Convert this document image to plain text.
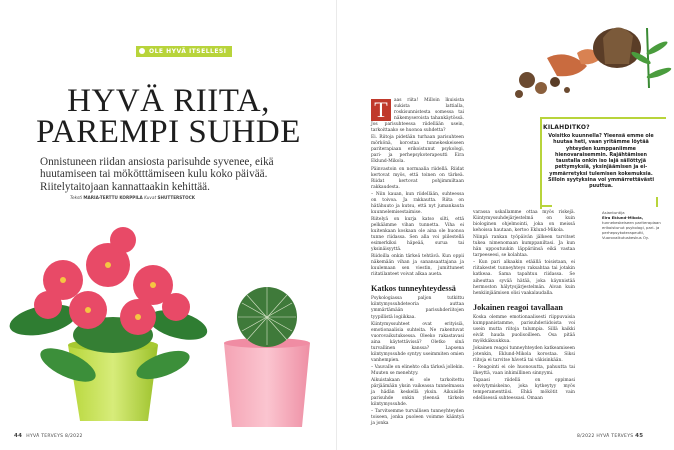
OLE HYVÄ ITSELLESI
HYVÄ RIITA,
PAREMPI SUHDE

Onnistuneen riidan ansiosta parisuhde syvenee, eikä huutamiseen tai mökötttämiseen kulu koko päivää. Riitelytaitojaan kannattaakin kehittää.

Teksti MARIA-TERTTU KORPPILA Kuvat SHUTTERSTOCK
44 HYVÄ TERVEYS 8/2022

T	aas riita! Milloin lkuisista sukista lattialla, roskisunnistesta somessa tai näkemyseroista tahankäytössä. Jos parisuhteessa riidellään usein, tarkoittaako se huonoa suhdetta?

Ei. Riitoja pidetään turhaan parisuhteen mörkönä, korostaa tunnekeskeiseen pariterapiaan erikoistunut psykologi, pari- ja perhepsykoterapeutti Eira Eklund-Mikola.

Päinvastoin on normaalia riidellä. Riidat kertovat myös, että toinen on tärkeä. Riidat kertovat pohjimmiltaan rakkaudesta.

– Niin kauan, kun riidellään, suhteessa on toivoa. Ja rakkautta. Riita on hätähuuto ja kutsu, että nyt jumankauta kuunnelemisestaimise.

Riitelyä on kurja katso silti, että pelkäämme vihan tunnetta. Viha ei kuitenkaan koskaan ole aina ole huonoa tunne riidassa. Sen alla voi piilestellä esimerkiksi häpeää, surua tai yksinäisyyttä.

Riidoilla onkin tärkeä tehtävä. Kun oppii näkemään vihan ja sanansaattajana ja kuulemaan sen viestin, jumittuneet riitatilanteet voivat alkaa aueta.

Katkos tunneyhteydessä

Psykologiassa paljon tutkittu kiintymyssuhdeteoria auttaa ymmärtämään parisuhderiitojen tyypillistä logiikkaa.

Kiintymyssuhteet ovat erityisiä, emotionaalisia suhteita. Ne rakentuvat vuorovaikutuksessa. Oleeko rakastavasi aina käytettävissä? Oletko sinä turvallinen kanssa? Lapsena kiintymyssuhde syntyy useimmiten omien vanhempien.

– Vauvalle on elinehto olla tärkeä jollekin. Muuten se menehtyy.

Aikuistakaan ei ole tarkoitettu pärjäämään yksin vaikeassa tunnelmassa ja hädän keskellä yksin. Aikuisille parisuhde onkin yleensä tärkein kiintymyssuhde.

– Tarvitsemme turvallisen tunneyhteyden toiseen, jonka puoleen voimme kääntyä ja jonka

varassa uskallamme ottaa myös riskejä. Kiintymyssuhdejärjestelmä on kuin biologinen ohjelmointi, joka on meissä kehoissa hautaan, kertoo Eklund-Mikola.

Niinpä rankan työpäivän jälkeen tarvitset tukea nimenomaan kumppaniltasi. Ja kun hän uppoutuukin läppäriinsä eikä vastaa tarpeeseesi, se kolahtaa.

– Kun pari alkaakin etäällä toisistaan, ei riitakestet tunneyhteys raksahtaa tai jotakin katkeaa. Sama tapahtuu riidassa. Se aiheuttaa syvää hätää, joka käynnistää hermoston hälytysjärjestelmän. Aivan kuin henkiinjäämisen olisi vaakalaudalla.

Jokainen reagoi tavallaan

Koska olemme emotionaalisesti riippuvaisia kumppanistamme, parisuhderiidoista voi usein mutta riitoja tulumpia. Sillä kaikki eivät hauda puolisoilleen. Osa pitää myökkäkuukkua.

Jokainen reagoi tunneyhteyden katkeamiseen jotenkin, Eklund-Mikola korostaa. Siksi riitoja ei tarvitse hävetä tai väkisinkään.

– Reagointi ei ole huonouutta, pahuutta tai ilkeyttä, vaan inhimillinen sinnyymi.

Tapaasi riidellä on oppimasi selviytymiskeino, joka kytkeytyy myös temperamenttiisi. Ehkä mökötit vain edellisessä suhteessasi. Omaan

8/2022 HYVÄ TERVEYS 45
KILAHDITKO?
Voisitko kuunnella? Yleensä emme ole huutaa heti, vaan yritämme löytää yhteyden kumppaniimme hienovaraisemmin. Rajähtämisen taustalla onkin iso lajä säilöttyjä pettymyksiä, yksinjäämisen ja ei-ymmärretyksi tulemisen kokemuksia. Silloin syytyksina voi ymmärrettävästi puuttua.
Asiantuntija
Eira Eklund-Mikola, tunnekeskeiseen pariterapiaan erikoistunut psykologi, pari- ja perhepsykoterapeutti, Vuorovaikutuskeskus Oy.
